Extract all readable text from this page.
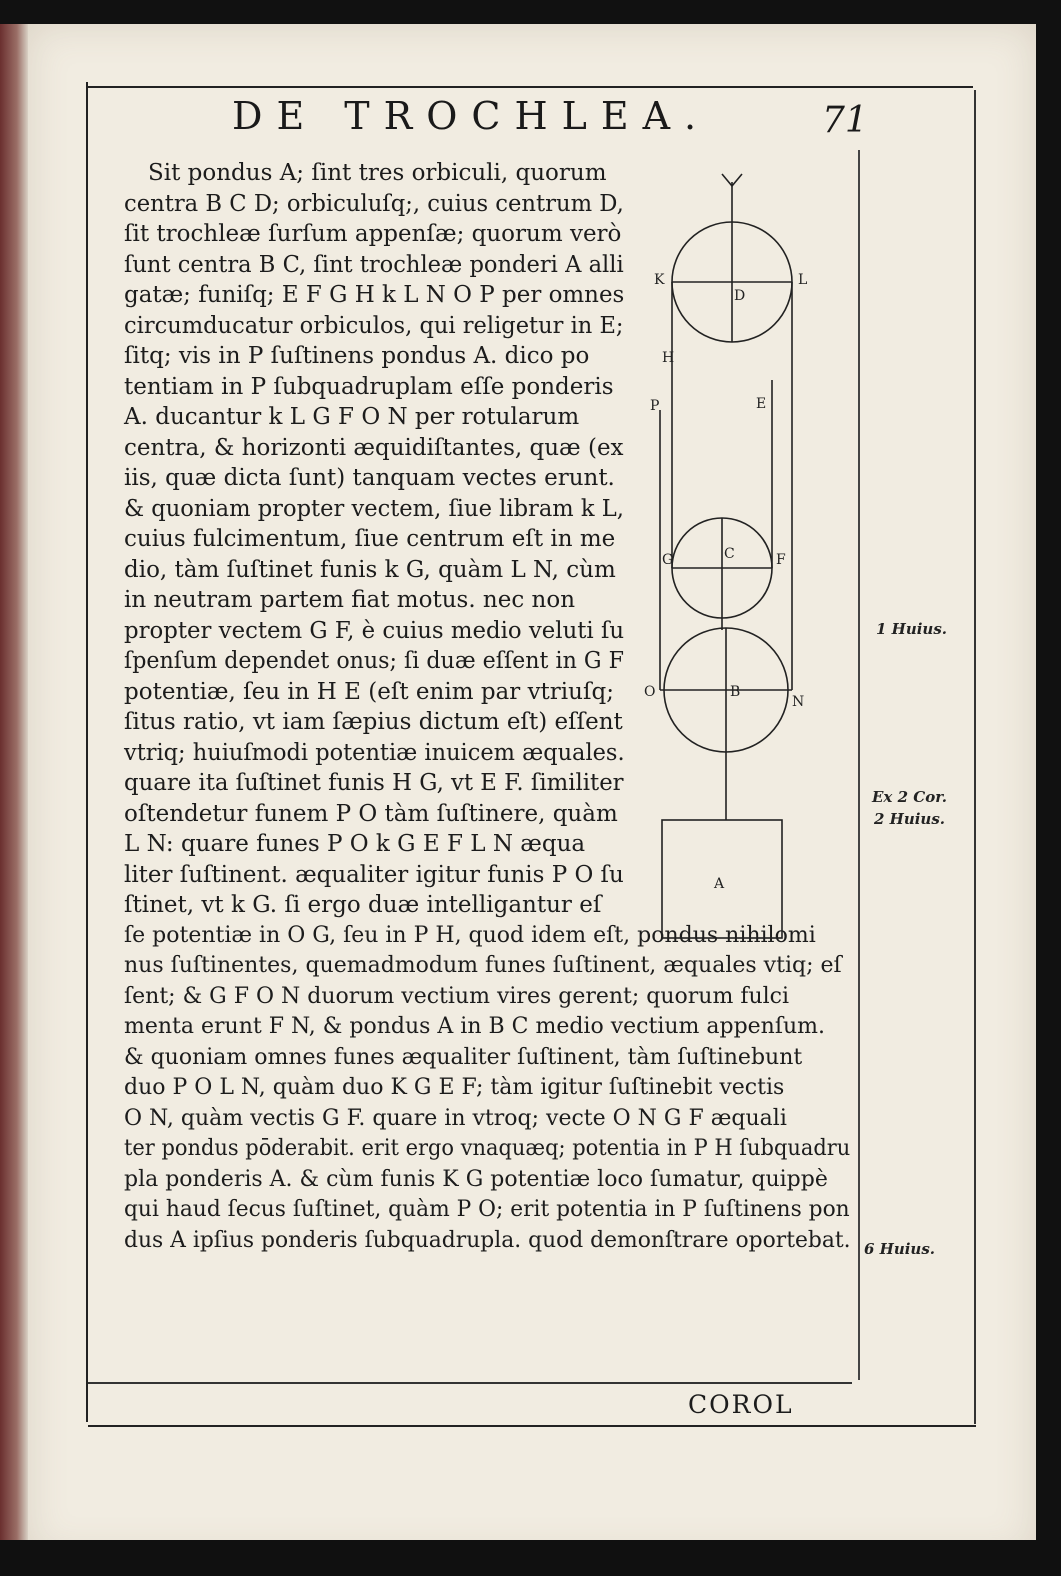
DE TROCHLEA.	71
Sit pondus A; ſint tres orbiculi, quorum
centra B C D; orbiculuſq;, cuius centrum D,
ſit trochleæ ſurſum appenſæ; quorum verò
ſunt centra B C, ſint trochleæ ponderi A alli
gatæ; funiſq; E F G H k L N O P per omnes
circumducatur orbiculos, qui religetur in E;
ſitq; vis in P ſuſtinens pondus A. dico po
tentiam in P ſubquadruplam eſſe ponderis
A. ducantur k L G F O N per rotularum
centra, & horizonti æquidiſtantes, quæ (ex
iis, quæ dicta ſunt) tanquam vectes erunt.
& quoniam propter vectem, ſiue libram k L,
cuius fulcimentum, ſiue centrum eſt in me
dio, tàm ſuſtinet funis k G, quàm L N, cùm
in neutram partem fiat motus. nec non
propter vectem G F, è cuius medio veluti ſu
ſpenſum dependet onus; ſi duæ eſſent in G F
potentiæ, ſeu in H E (eſt enim par vtriuſq;
ſitus ratio, vt iam ſæpius dictum eſt) eſſent
vtriq; huiuſmodi potentiæ inuicem æquales.
quare ita ſuſtinet funis H G, vt E F. ſimiliter
oſtendetur funem P O tàm ſuſtinere, quàm
L N: quare funes P O k G E F L N æqua
liter ſuſtinent. æqualiter igitur funis P O ſu
ſtinet, vt k G. ſi ergo duæ intelligantur eſ
ſe potentiæ in O G, ſeu in P H, quod idem eſt, pondus nihilomi
nus ſuſtinentes, quemadmodum funes ſuſtinent, æquales vtiq; eſ
ſent; & G F O N duorum vectium vires gerent; quorum fulci
menta erunt F N, & pondus A in B C medio vectium appenſum.
& quoniam omnes funes æqualiter ſuſtinent, tàm ſuſtinebunt
duo P O L N, quàm duo K G E F; tàm igitur ſuſtinebit vectis
O N, quàm vectis G F. quare in vtroq; vecte O N G F æquali
ter pondus pōderabit. erit ergo vnaquæq; potentia in P H ſubquadru
pla ponderis A. & cùm funis K G potentiæ loco ſumatur, quippè
qui haud ſecus ſuſtinet, quàm P O; erit potentia in P ſuſtinens pon
dus A ipſius ponderis ſubquadrupla. quod demonſtrare oportebat.
1 Huius.
Ex 2 Cor.
2 Huius.
6 Huius.
COROL
D
C
B
A
K	L
H
P	E
G	F
O
N
